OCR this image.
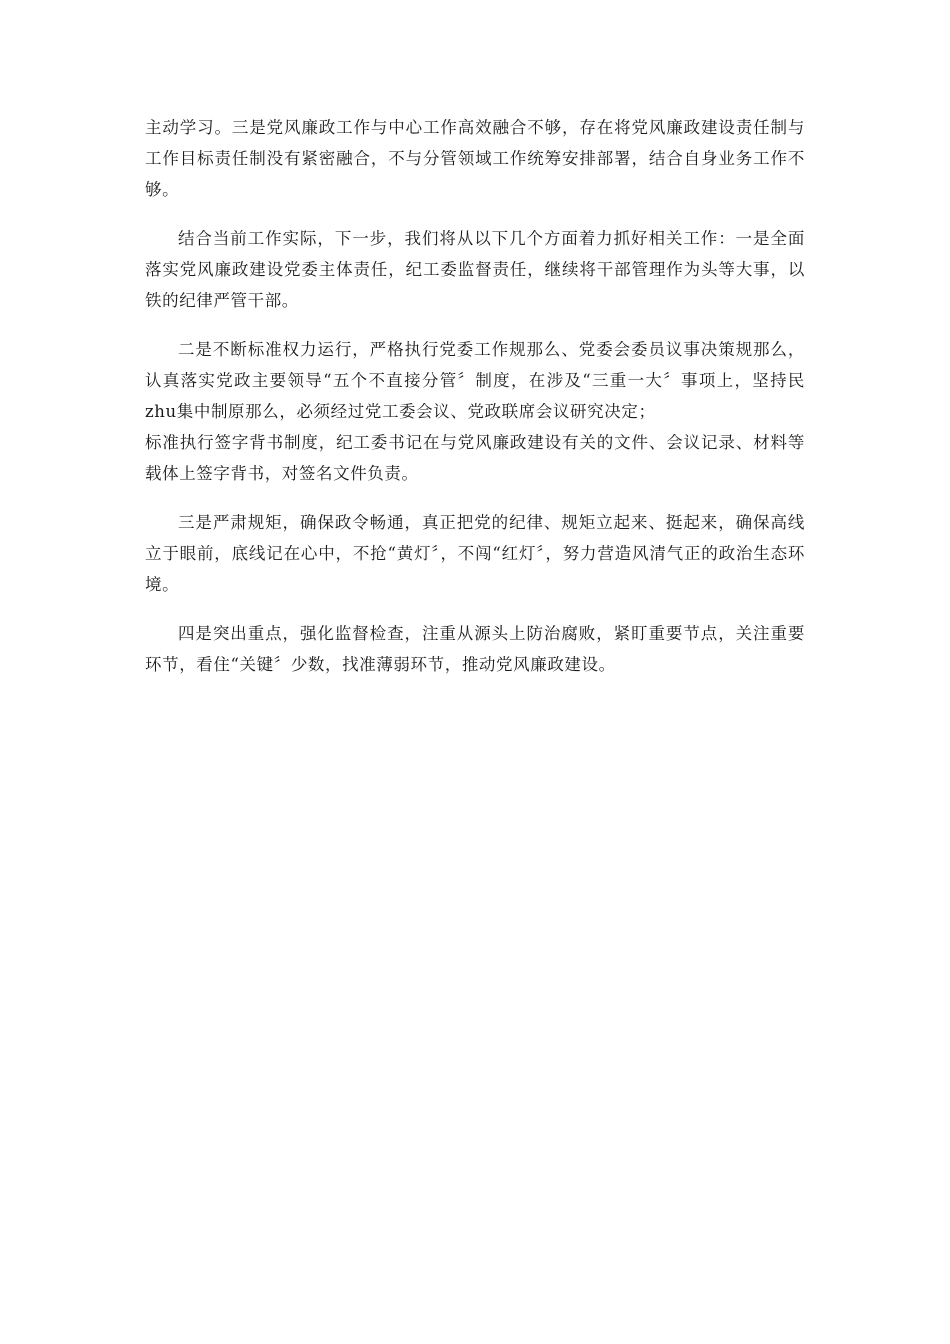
主动学习。三是党风廉政工作与中心工作高效融合不够，存在将党风廉政建设责任制与工作目标责任制没有紧密融合，不与分管领域工作统筹安排部署，结合自身业务工作不够。

结合当前工作实际，下一步，我们将从以下几个方面着力抓好相关工作：一是全面落实党风廉政建设党委主体责任，纪工委监督责任，继续将干部管理作为头等大事，以铁的纪律严管干部。

二是不断标准权力运行，严格执行党委工作规那么、党委会委员议事决策规那么，认真落实党政主要领导“五个不直接分管〞制度，在涉及“三重一大〞事项上，坚持民zhu集中制原那么，必须经过党工委会议、党政联席会议研究决定；

标准执行签字背书制度，纪工委书记在与党风廉政建设有关的文件、会议记录、材料等载体上签字背书，对签名文件负责。

三是严肃规矩，确保政令畅通，真正把党的纪律、规矩立起来、挺起来，确保高线立于眼前，底线记在心中，不抢“黄灯〞，不闯“红灯〞，努力营造风清气正的政治生态环境。

四是突出重点，强化监督检查，注重从源头上防治腐败，紧盯重要节点，关注重要环节，看住“关键〞少数，找准薄弱环节，推动党风廉政建设。
